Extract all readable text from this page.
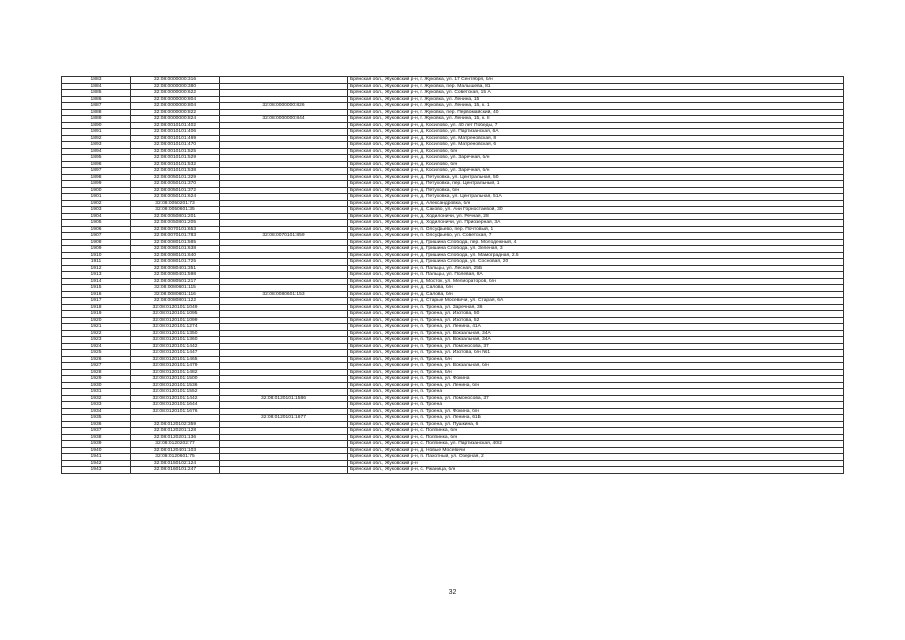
1883	32:08:0000000:316		Брянская обл., Жуковский р-н, г. Жуковка, ул. 17 Сентября, б/н
1884	32:08:0000000:380		Брянская обл., Жуковский р-н, г. Жуковка, пер. Малышева, 81
1885	32:08:0000000:622		Брянская обл., Жуковский р-н, г. Жуковка, ул. Советская, 15 А
1886	32:08:0000000:804		Брянская обл., Жуковский р-н, г. Жуковка, ул. Ленина, 15
1887	32:08:0000000:804	32:08:0000000:826	Брянская обл., Жуковский р-н, г. Жуковка, ул. Ленина, 15, к. 1
1888	32:08:0000000:822		Брянская обл., Жуковский р-н, г. Жуковка, пер. Первомайский, 40
1889	32:08:0000000:824	32:08:0000000:844	Брянская обл., Жуковский р-н, г. Жуковка, ул. Ленина, 15, к. II
1890	32:08:0010101:402		Брянская обл., Жуковский р-н, д. Косилово, ул. 40 лет Победы, 7
1891	32:08:0010101:406		Брянская обл., Жуковский р-н, д. Косилово, ул. Партизанская, 6А
1892	32:08:0010101:469		Брянская обл., Жуковский р-н, д. Косилово, ул. Матреновская, 8
1893	32:08:0010101:470		Брянская обл., Жуковский р-н, д. Косилово, ул. Матреновская, 6
1894	32:08:0010101:525		Брянская обл., Жуковский р-н, д. Косилово, б/н
1895	32:08:0010101:529		Брянская обл., Жуковский р-н, д. Косилово, ул. Заречная, б/н
1896	32:08:0010101:532		Брянская обл., Жуковский р-н, д. Косилово, б/н
1897	32:08:0010101:538		Брянская обл., Жуковский р-н, д. Косилово, ул. Заречная, б/н
1898	32:08:0050101:329		Брянская обл., Жуковский р-н, д. Петуховка, ул. Центральная, 50
1899	32:08:0050101:370		Брянская обл., Жуковский р-н, д. Петуховка, пер. Центральный, 1
1900	32:08:0050101:372		Брянская обл., Жуковский р-н, д. Петуховка, б/н
1901	32:08:0050101:624		Брянская обл., Жуковский р-н, д. Петуховка, ул. Центральная, 51А
1902	32:08:0050201:73		Брянская обл., Жуковский р-н, д. Александровка, б/н
1903	32:08:0050601:35		Брянская обл., Жуковский р-н, д. Саково, ул. Ани Горностаевой, 30
1904	32:08:0050801:201		Брянская обл., Жуковский р-н, д. Ходилоничи, ул. Речная, 28
1905	32:08:0050801:205		Брянская обл., Жуковский р-н, д. Ходилоничи, ул. Приозерная, 3А
1906	32:08:0070101:653		Брянская обл., Жуковский р-н, п. Олсуфьево, пер. Почтовый, 1
1907	32:08:0070101:783	32:08:0070101:859	Брянская обл., Жуковский р-н, п. Олсуфьево, ул. Советская, 7
1908	32:08:0080101:585		Брянская обл., Жуковский р-н, д. Гришина Слобода, пер. Молодежный, 4
1909	32:08:0080101:638		Брянская обл., Жуковский р-н, д. Гришина Слобода, ул. Зеленая, 3
1910	32:08:0080101:640		Брянская обл., Жуковский р-н, д. Гришина Слобода, ул. Мамоградная, 2.5
1911	32:08:0080101:725		Брянская обл., Жуковский р-н, д. Гришина Слобода, ул. Сосновая, 20
1912	32:08:0080401:351		Брянская обл., Жуковский р-н, п. Пальцы, ул. Лесная, 25Б
1913	32:08:0080401:598		Брянская обл., Жуковский р-н, п. Пальцы, ул. Полевая, 8А
1914	32:08:0080501:217		Брянская обл., Жуковский р-н, д. Мосток, ул. Мелиораторов, б/н
1915	32:08:0080601:115		Брянская обл., Жуковский р-н, д. Салова, б/н
1916	32:08:0080601:116	32:08:0080601:153	Брянская обл., Жуковский р-н, д. Салова, б/н
1917	32:08:0080801:122		Брянская обл., Жуковский р-н, д. Старые Мосевичи, ул. Старая, 6А
1918	32:08:0120101:1049		Брянская обл., Жуковский р-н, п. Троена, ул. Заречная, 36
1919	32:08:0120101:1095		Брянская обл., Жуковский р-н, п. Троена, ул. Изотова, 50
1920	32:08:0120101:1099		Брянская обл., Жуковский р-н, п. Троена, ул. Изотова, 52
1921	32:08:0120101:1274		Брянская обл., Жуковский р-н, п. Троена, ул. Ленина, 41А
1922	32:08:0120101:1350		Брянская обл., Жуковский р-н, п. Троена, ул. Вокзальная, 34А
1923	32:08:0120101:1360		Брянская обл., Жуковский р-н, п. Троена, ул. Вокзальная, 34А
1924	32:08:0120101:1442		Брянская обл., Жуковский р-н, п. Троена, ул. Ломоносова, 37
1925	32:08:0120101:1447		Брянская обл., Жуковский р-н, п. Троена, ул. Изотова, б/н №1
1926	32:08:0120101:1465		Брянская обл., Жуковский р-н, п. Троена, б/н
1927	32:08:0120101:1479		Брянская обл., Жуковский р-н, п. Троена, ул. Вокзальная, б/н
1928	32:08:0120101:1482		Брянская обл., Жуковский р-н, п. Троена, б/н
1929	32:08:0120101:1500		Брянская обл., Жуковский р-н, п. Троена, ул. Фокина
1930	32:08:0120101:1536		Брянская обл., Жуковский р-н, п. Троена, ул. Ленина, б/н
1931	32:08:0120101:1552		Брянская обл., Жуковский р-н, п. Троена
1932	32:08:0120101:1442	32:08:0120101:1586	Брянская обл., Жуковский р-н, п. Троена, ул. Ломоносова, 37
1933	32:08:0120101:1644		Брянская обл., Жуковский р-н, п. Троена
1934	32:08:0120101:1676		Брянская обл., Жуковский р-н, п. Троена, ул. Фокина, б/н
1935		32:08:0120101:1677	Брянская обл., Жуковский р-н, п. Троена, ул. Ленина, 61Б
1936	32:08:0120102:359		Брянская обл., Жуковский р-н, п. Троена, ул. Пушкина, 6
1937	32:08:0120201:128		Брянская обл., Жуковский р-н, с. Полпинка, б/н
1938	32:08:0120201:136		Брянская обл., Жуковский р-н, с. Полпинка, б/н
1939	32:08:0120202:77		Брянская обл., Жуковский р-н, с. Полпинка, ул. Партизанская, 40/2
1940	32:08:0120401:103		Брянская обл., Жуковский р-н, д. Новые Мосевичи
1941	32:08:0120601:75		Брянская обл., Жуковский р-н, п. Пахотный, ул. Озерная, 2
1942	32:08:0150102:124		Брянская обл., Жуковский р-н
1943	32:08:0160101:247		Брянская обл., Жуковский р-н, с. Ржаница, б/н
32
